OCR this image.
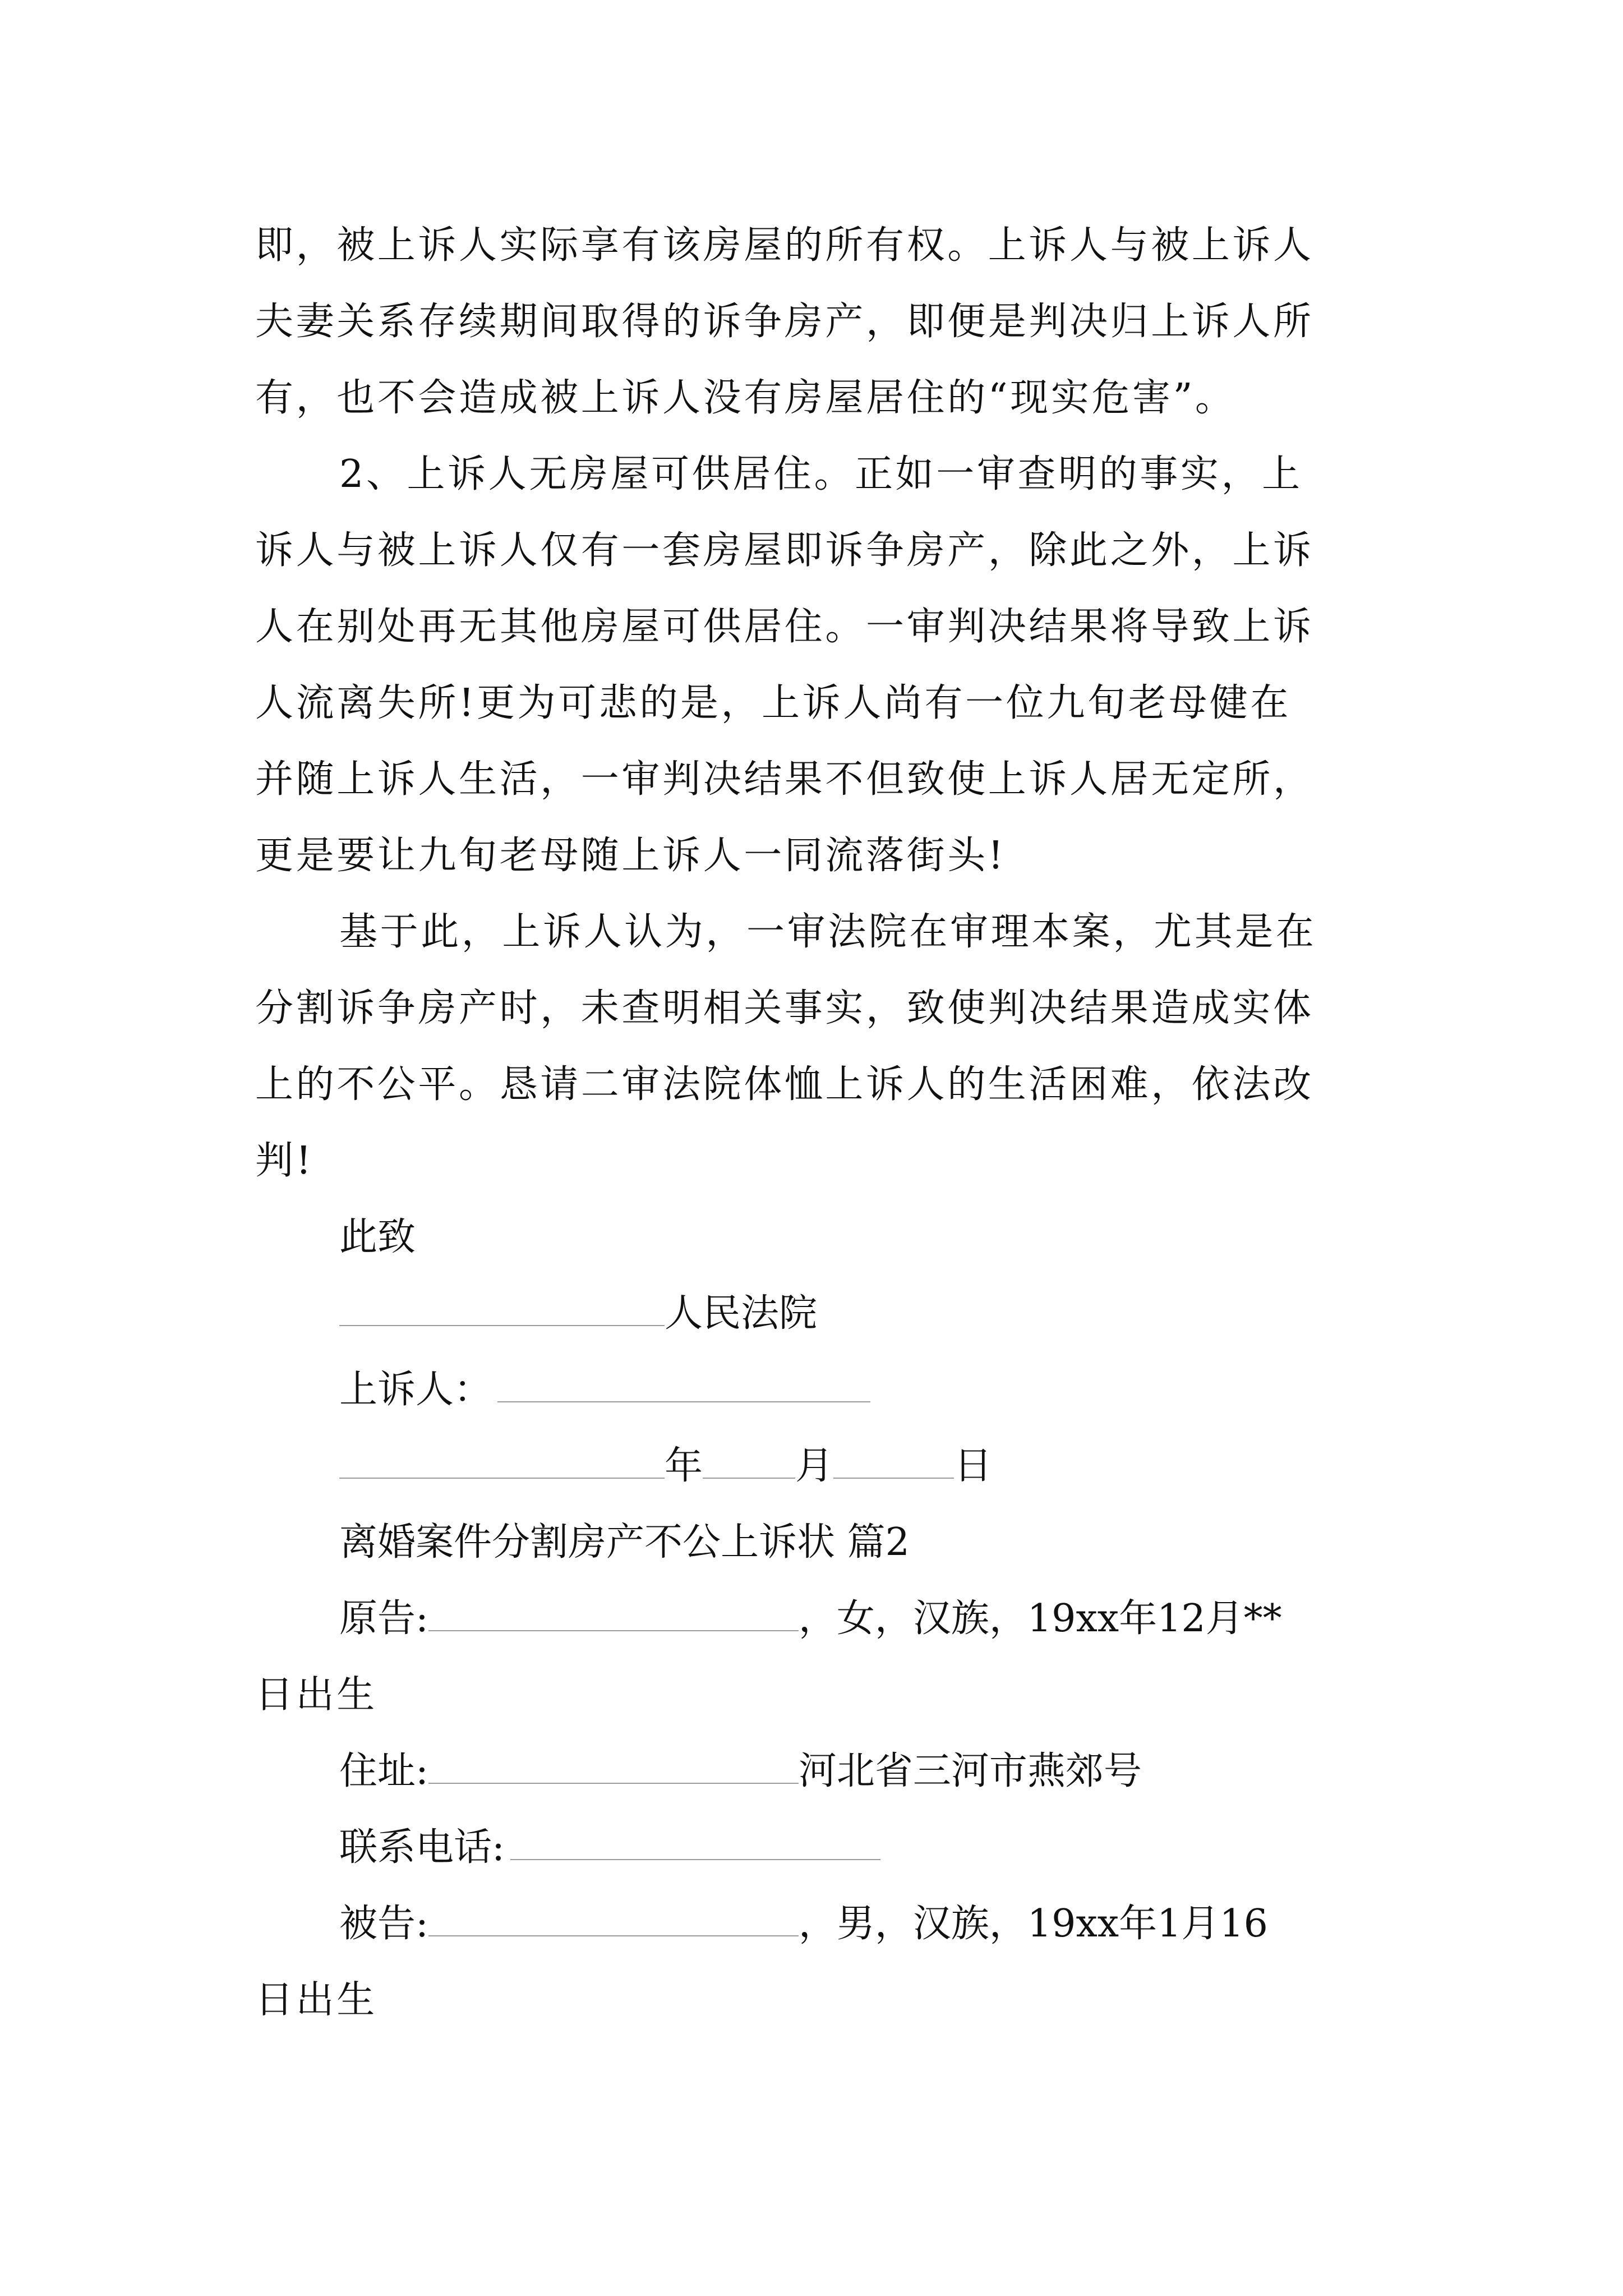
即，被上诉人实际享有该房屋的所有权。上诉人与被上诉人
夫妻关系存续期间取得的诉争房产，即便是判决归上诉人所
有，也不会造成被上诉人没有房屋居住的“现实危害”。
2、上诉人无房屋可供居住。正如一审查明的事实，上
诉人与被上诉人仅有一套房屋即诉争房产，除此之外，上诉
人在别处再无其他房屋可供居住。一审判决结果将导致上诉
人流离失所!更为可悲的是，上诉人尚有一位九旬老母健在
并随上诉人生活，一审判决结果不但致使上诉人居无定所，
更是要让九旬老母随上诉人一同流落街头!
基于此，上诉人认为，一审法院在审理本案，尤其是在
分割诉争房产时，未查明相关事实，致使判决结果造成实体
上的不公平。恳请二审法院体恤上诉人的生活困难，依法改
判!
此致
人民法院
上诉人：
年 月	日
离婚案件分割房产不公上诉状 篇2
原告:	，女，汉族，19xx年12月**
日出生
住址:	河北省三河市燕郊号
联系电话:
被告:	，男，汉族，19xx年1月16
日出生
